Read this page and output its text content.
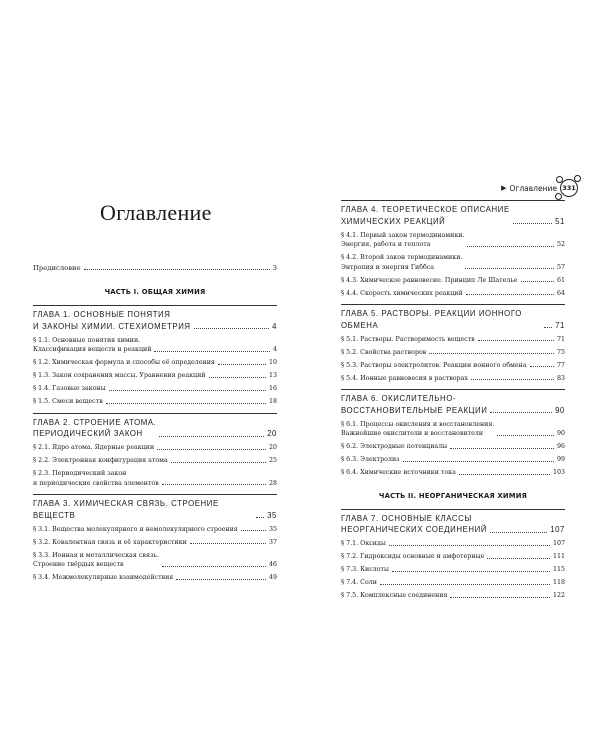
Оглавление
▶ Оглавление 331
Предисловие	3
ЧАСТЬ I. ОБЩАЯ ХИМИЯ
ГЛАВА 1. ОСНОВНЫЕ ПОНЯТИЯ
И ЗАКОНЫ ХИМИИ. СТЕХИОМЕТРИЯ	4
§ 1.1. Основные понятия химии.
Классификация веществ и реакций	4
§ 1.2. Химическая формула и способы её определения	10
§ 1.3. Закон сохранения массы. Уравнения реакций	13
§ 1.4. Газовые законы	16
§ 1.5. Смеси веществ	18
ГЛАВА 2. СТРОЕНИЕ АТОМА.
ПЕРИОДИЧЕСКИЙ ЗАКОН	20
§ 2.1. Ядро атома. Ядерные реакции	20
§ 2.2. Электронная конфигурация атома	25
§ 2.3. Периодический закон
и периодические свойства элементов	28
ГЛАВА 3. ХИМИЧЕСКАЯ СВЯЗЬ. СТРОЕНИЕ ВЕЩЕСТВ	35
§ 3.1. Вещества молекулярного и немолекулярного строения	35
§ 3.2. Ковалентная связь и её характеристики	37
§ 3.3. Ионная и металлическая связь.
Строение твёрдых веществ	46
§ 3.4. Межмолекулярные взаимодействия	49
ГЛАВА 4. ТЕОРЕТИЧЕСКОЕ ОПИСАНИЕ
ХИМИЧЕСКИХ РЕАКЦИЙ	51
§ 4.1. Первый закон термодинамики.
Энергия, работа и теплота	52
§ 4.2. Второй закон термодинамики.
Энтропия и энергия Гиббса	57
§ 4.3. Химическое равновесие. Принцип Ле Шателье	61
§ 4.4. Скорость химических реакций	64
ГЛАВА 5. РАСТВОРЫ. РЕАКЦИИ ИОННОГО ОБМЕНА	71
§ 5.1. Растворы. Растворимость веществ	71
§ 5.2. Свойства растворов	75
§ 5.3. Растворы электролитов. Реакции ионного обмена	77
§ 5.4. Ионные равновесия в растворах	83
ГЛАВА 6. ОКИСЛИТЕЛЬНО-
ВОССТАНОВИТЕЛЬНЫЕ РЕАКЦИИ	90
§ 6.1. Процессы окисления и восстановления.
Важнейшие окислители и восстановители	90
§ 6.2. Электродные потенциалы	96
§ 6.3. Электролиз	99
§ 6.4. Химические источники тока	103
ЧАСТЬ II. НЕОРГАНИЧЕСКАЯ ХИМИЯ
ГЛАВА 7. ОСНОВНЫЕ КЛАССЫ
НЕОРГАНИЧЕСКИХ СОЕДИНЕНИЙ	107
§ 7.1. Оксиды	107
§ 7.2. Гидроксиды основные и амфотерные	111
§ 7.3. Кислоты	115
§ 7.4. Соли	118
§ 7.5. Комплексные соединения	122
